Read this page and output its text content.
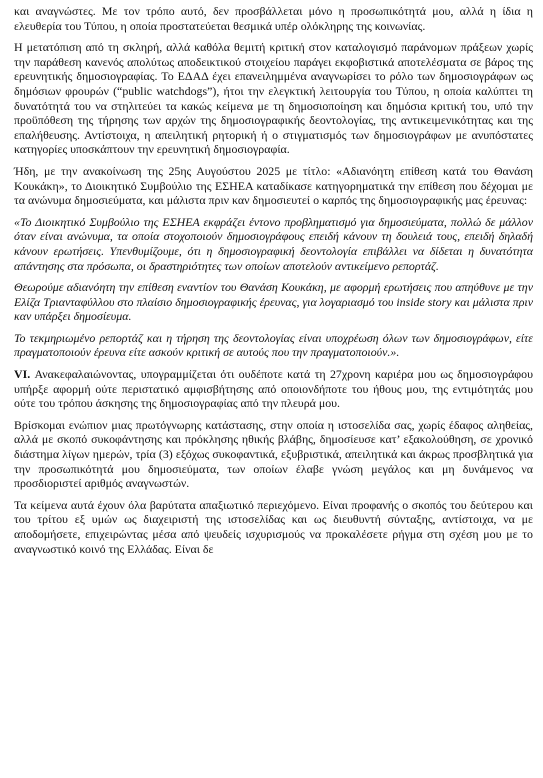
και αναγνώστες. Με τον τρόπο αυτό, δεν προσβάλλεται μόνο η προσωπικότητά μου, αλλά η ίδια η ελευθερία του Τύπου, η οποία προστατεύεται θεσμικά υπέρ ολόκληρης της κοινωνίας.

Η μετατόπιση από τη σκληρή, αλλά καθόλα θεμιτή κριτική στον καταλογισμό παράνομων πράξεων χωρίς την παράθεση κανενός απολύτως αποδεικτικού στοιχείου παράγει εκφοβιστικά αποτελέσματα σε βάρος της ερευνητικής δημοσιογραφίας. Το ΕΔΑΔ έχει επανειλημμένα αναγνωρίσει το ρόλο των δημοσιογράφων ως δημόσιων φρουρών (“public watchdogs”), ήτοι την ελεγκτική λειτουργία του Τύπου, η οποία καλύπτει τη δυνατότητά του να στηλιτεύει τα κακώς κείμενα με τη δημοσιοποίηση και δημόσια κριτική του, υπό την προϋπόθεση της τήρησης των αρχών της δημοσιογραφικής δεοντολογίας, της αντικειμενικότητας και της επαλήθευσης. Αντίστοιχα, η απειλητική ρητορική ή ο στιγματισμός των δημοσιογράφων με ανυπόστατες κατηγορίες υποσκάπτουν την ερευνητική δημοσιογραφία.

Ήδη, με την ανακοίνωση της 25ης Αυγούστου 2025 με τίτλο: «Αδιανόητη επίθεση κατά του Θανάση Κουκάκη», το Διοικητικό Συμβούλιο της ΕΣΗΕΑ καταδίκασε κατηγορηματικά την επίθεση που δέχομαι με τα ανώνυμα δημοσιεύματα, και μάλιστα πριν καν δημοσιευτεί ο καρπός της δημοσιογραφικής μας έρευνας:

«Το Διοικητικό Συμβούλιο της ΕΣΗΕΑ εκφράζει έντονο προβληματισμό για δημοσιεύματα, πολλώ δε μάλλον όταν είναι ανώνυμα, τα οποία στοχοποιούν δημοσιογράφους επειδή κάνουν τη δουλειά τους, επειδή δηλαδή κάνουν ερωτήσεις. Υπενθυμίζουμε, ότι η δημοσιογραφική δεοντολογία επιβάλλει να δίδεται η δυνατότητα απάντησης στα πρόσωπα, οι δραστηριότητες των οποίων αποτελούν αντικείμενο ρεπορτάζ.

Θεωρούμε αδιανόητη την επίθεση εναντίον του Θανάση Κουκάκη, με αφορμή ερωτήσεις που απηύθυνε με την Ελίζα Τριανταφύλλου στο πλαίσιο δημοσιογραφικής έρευνας, για λογαριασμό του inside story και μάλιστα πριν καν υπάρξει δημοσίευμα.

Το τεκμηριωμένο ρεπορτάζ και η τήρηση της δεοντολογίας είναι υποχρέωση όλων των δημοσιογράφων, είτε πραγματοποιούν έρευνα είτε ασκούν κριτική σε αυτούς που την πραγματοποιούν.».

VI. Ανακεφαλαιώνοντας, υπογραμμίζεται ότι ουδέποτε κατά τη 27χρονη καριέρα μου ως δημοσιογράφου υπήρξε αφορμή ούτε περιστατικό αμφισβήτησης από οποιονδήποτε του ήθους μου, της εντιμότητάς μου ούτε του τρόπου άσκησης της δημοσιογραφίας από την πλευρά μου.

Βρίσκομαι ενώπιον μιας πρωτόγνωρης κατάστασης, στην οποία η ιστοσελίδα σας, χωρίς έδαφος αληθείας, αλλά με σκοπό συκοφάντησης και πρόκλησης ηθικής βλάβης, δημοσίευσε κατ’ εξακολούθηση, σε χρονικό διάστημα λίγων ημερών, τρία (3) εξόχως συκοφαντικά, εξυβριστικά, απειλητικά και άκρως προσβλητικά για την προσωπικότητά μου δημοσιεύματα, των οποίων έλαβε γνώση μεγάλος και μη δυνάμενος να προσδιοριστεί αριθμός αναγνωστών.

Τα κείμενα αυτά έχουν όλα βαρύτατα απαξιωτικό περιεχόμενο. Είναι προφανής ο σκοπός του δεύτερου και του τρίτου εξ υμών ως διαχειριστή της ιστοσελίδας και ως διευθυντή σύνταξης, αντίστοιχα, να με αποδομήσετε, επιχειρώντας μέσα από ψευδείς ισχυρισμούς να προκαλέσετε ρήγμα στη σχέση μου με το αναγνωστικό κοινό της Ελλάδας. Είναι δε
